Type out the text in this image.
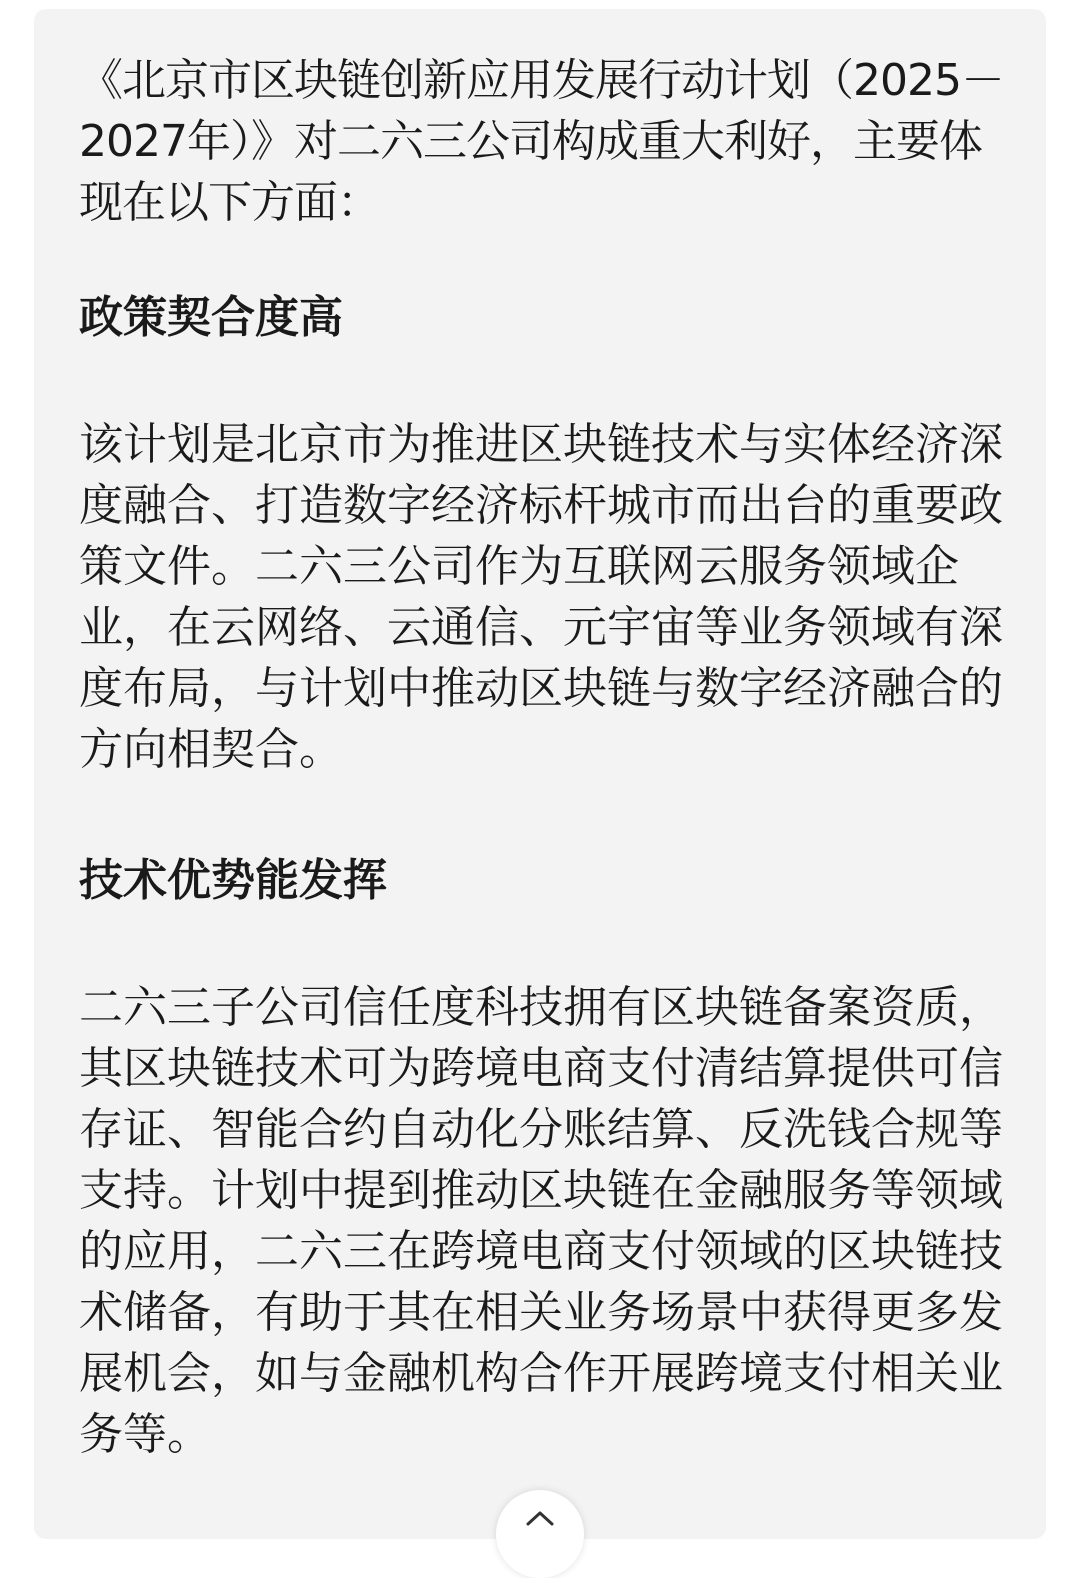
《北京市区块链创新应用发展行动计划（2025－2027年）》对二六三公司构成重大利好，主要体现在以下方面：

政策契合度高

该计划是北京市为推进区块链技术与实体经济深度融合、打造数字经济标杆城市而出台的重要政策文件。二六三公司作为互联网云服务领域企业，在云网络、云通信、元宇宙等业务领域有深度布局，与计划中推动区块链与数字经济融合的方向相契合。

技术优势能发挥

二六三子公司信任度科技拥有区块链备案资质，其区块链技术可为跨境电商支付清结算提供可信存证、智能合约自动化分账结算、反洗钱合规等支持。计划中提到推动区块链在金融服务等领域的应用，二六三在跨境电商支付领域的区块链技术储备，有助于其在相关业务场景中获得更多发展机会，如与金融机构合作开展跨境支付相关业务等。
